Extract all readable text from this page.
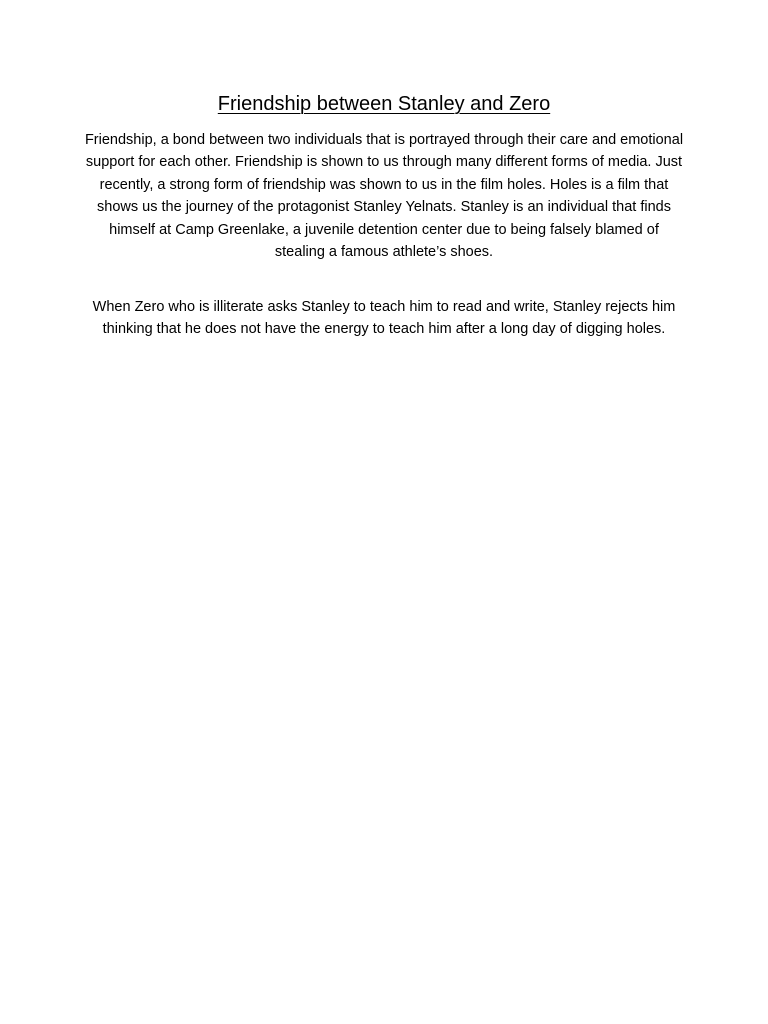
Friendship between Stanley and Zero

Friendship, a bond between two individuals that is portrayed through their care and emotional support for each other. Friendship is shown to us through many different forms of media. Just recently, a strong form of friendship was shown to us in the film holes. Holes is a film that shows us the journey of the protagonist Stanley Yelnats. Stanley is an individual that finds himself at Camp Greenlake, a juvenile detention center due to being falsely blamed of stealing a famous athlete’s shoes.

When Zero who is illiterate asks Stanley to teach him to read and write, Stanley rejects him thinking that he does not have the energy to teach him after a long day of digging holes.
